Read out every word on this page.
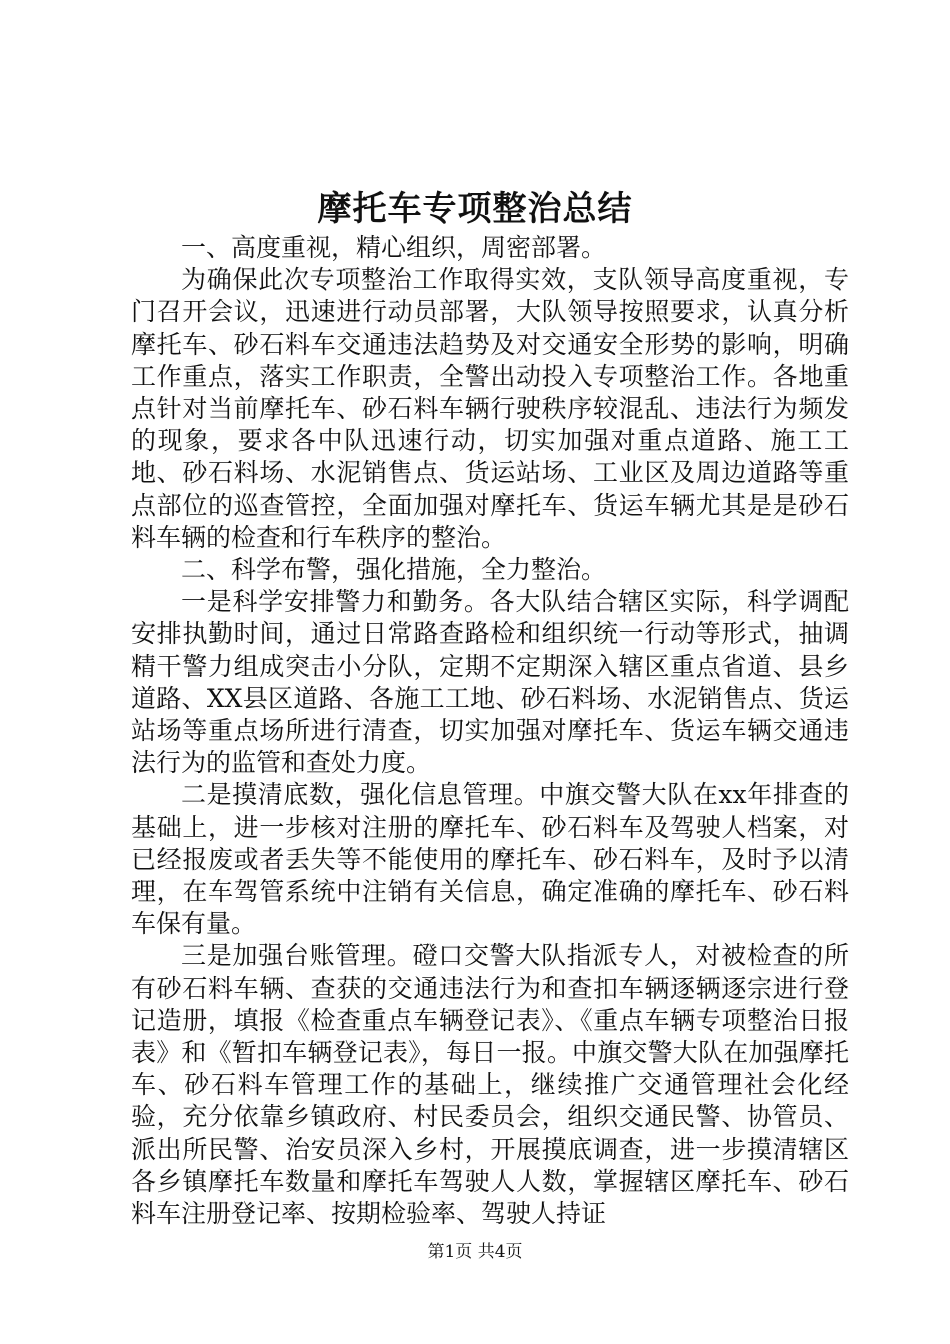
摩托车专项整治总结

一、高度重视，精心组织，周密部署。

为确保此次专项整治工作取得实效，支队领导高度重视，专门召开会议，迅速进行动员部署，大队领导按照要求，认真分析摩托车、砂石料车交通违法趋势及对交通安全形势的影响，明确工作重点，落实工作职责，全警出动投入专项整治工作。各地重点针对当前摩托车、砂石料车辆行驶秩序较混乱、违法行为频发的现象，要求各中队迅速行动，切实加强对重点道路、施工工地、砂石料场、水泥销售点、货运站场、工业区及周边道路等重点部位的巡查管控，全面加强对摩托车、货运车辆尤其是是砂石料车辆的检查和行车秩序的整治。

二、科学布警，强化措施，全力整治。

一是科学安排警力和勤务。各大队结合辖区实际，科学调配安排执勤时间，通过日常路查路检和组织统一行动等形式，抽调精干警力组成突击小分队，定期不定期深入辖区重点省道、县乡道路、XX县区道路、各施工工地、砂石料场、水泥销售点、货运站场等重点场所进行清查，切实加强对摩托车、货运车辆交通违法行为的监管和查处力度。

二是摸清底数，强化信息管理。中旗交警大队在xx年排查的基础上，进一步核对注册的摩托车、砂石料车及驾驶人档案，对已经报废或者丢失等不能使用的摩托车、砂石料车，及时予以清理，在车驾管系统中注销有关信息，确定准确的摩托车、砂石料车保有量。

三是加强台账管理。磴口交警大队指派专人，对被检查的所有砂石料车辆、查获的交通违法行为和查扣车辆逐辆逐宗进行登记造册，填报《检查重点车辆登记表》、《重点车辆专项整治日报表》和《暂扣车辆登记表》，每日一报。中旗交警大队在加强摩托车、砂石料车管理工作的基础上，继续推广交通管理社会化经验，充分依靠乡镇政府、村民委员会，组织交通民警、协管员、派出所民警、治安员深入乡村，开展摸底调查，进一步摸清辖区各乡镇摩托车数量和摩托车驾驶人人数，掌握辖区摩托车、砂石料车注册登记率、按期检验率、驾驶人持证

第1页 共4页
